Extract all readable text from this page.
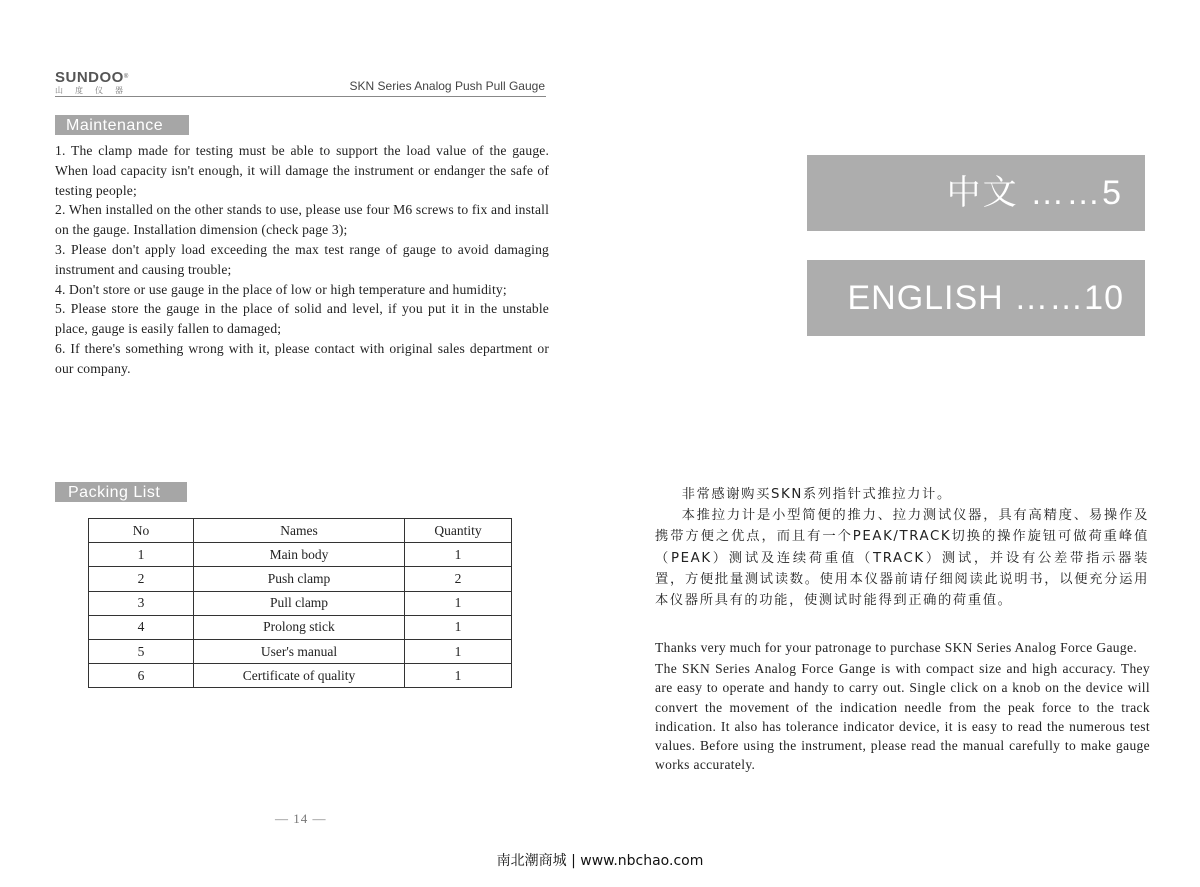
SUNDOO®
山度仪器	SKN Series Analog Push Pull Gauge
Maintenance
1. The clamp made for testing must be able to support the load value of the gauge. When load capacity isn't enough, it will damage the instrument or endanger the safe of testing people;
2. When installed on the other stands to use, please use four M6 screws to fix and install on the gauge. Installation dimension (check page 3);
3. Please don't apply load exceeding the max test range of gauge to avoid damaging instrument and causing trouble;
4. Don't store or use gauge in the place of low or high temperature and humidity;
5. Please store the gauge in the place of solid and level, if you put it in the unstable place, gauge is easily fallen to damaged;
6. If there's something wrong with it, please contact with original sales department or our company.
Packing List
No	Names	Quantity
1	Main body	1
2	Push clamp	2
3	Pull clamp	1
4	Prolong stick	1
5	User's manual	1
6	Certificate of quality	1
— 14 —
中文 ……5
ENGLISH ……10

非常感谢购买SKN系列指针式推拉力计。

本推拉力计是小型简便的推力、拉力测试仪器，具有高精度、易操作及携带方便之优点，而且有一个PEAK/TRACK切换的操作旋钮可做荷重峰值（PEAK）测试及连续荷重值（TRACK）测试，并设有公差带指示器装置，方便批量测试读数。使用本仪器前请仔细阅读此说明书，以便充分运用本仪器所具有的功能，使测试时能得到正确的荷重值。

Thanks very much for your patronage to purchase SKN Series Analog Force Gauge.

The SKN Series Analog Force Gange is with compact size and high accuracy. They are easy to operate and handy to carry out. Single click on a knob on the device will convert the movement of the indication needle from the peak force to the track indication. It also has tolerance indicator device, it is easy to read the numerous test values. Before using the instrument, please read the manual carefully to make gauge works accurately.

南北潮商城 | www.nbchao.com
